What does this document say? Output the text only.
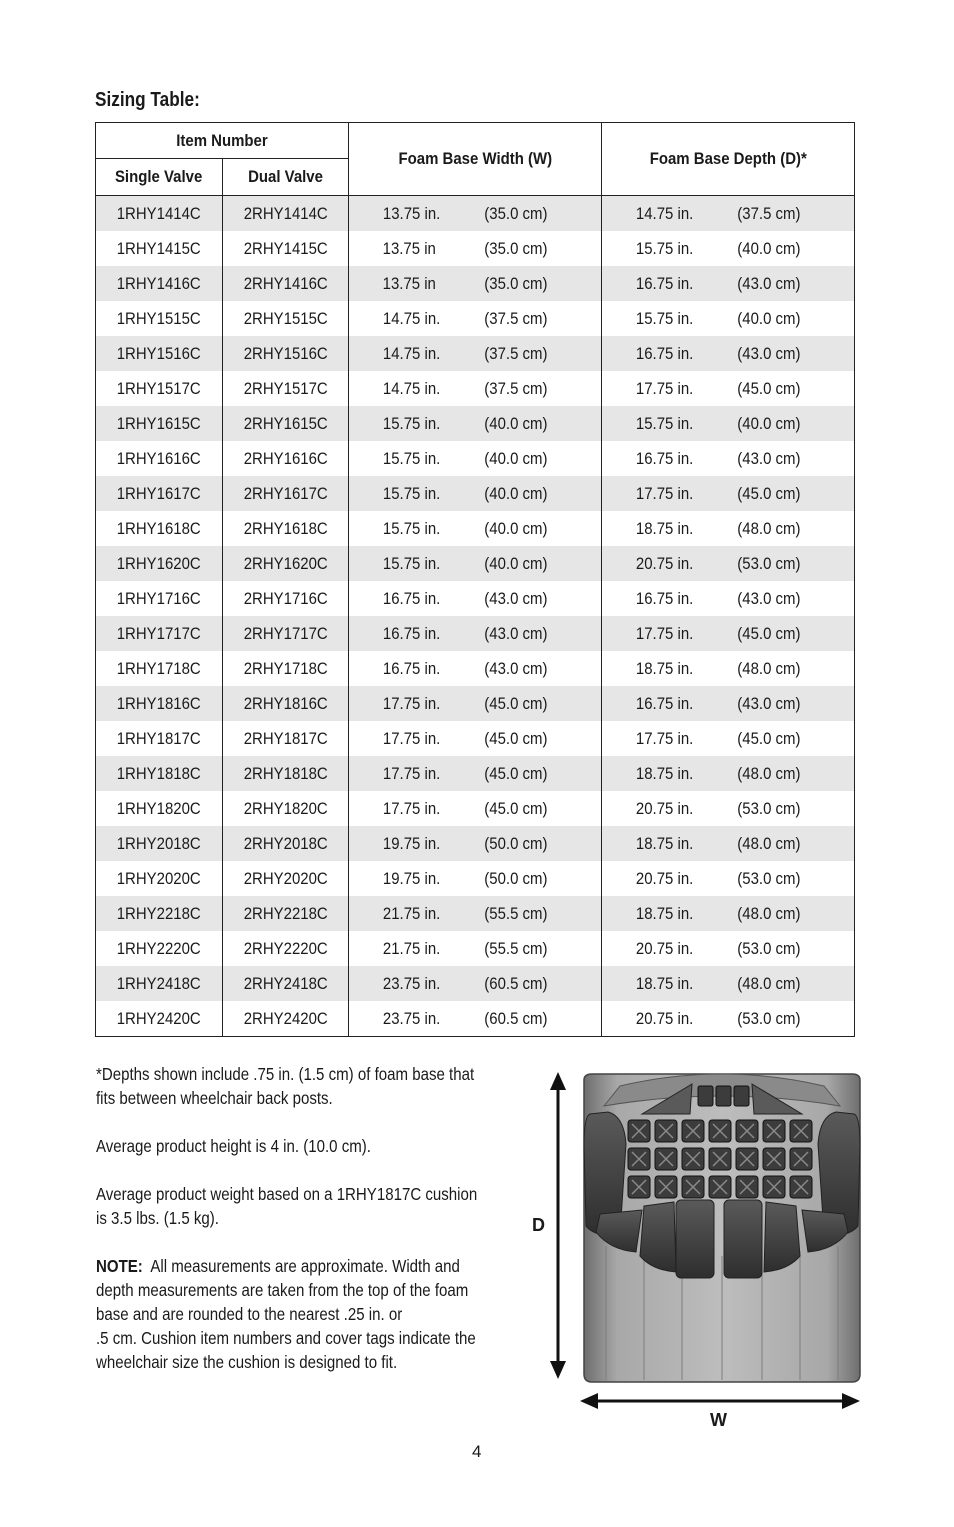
Sizing Table:
Item Number		Foam Base Width (W)		Foam Base Depth (D)*	
Single Valve	Dual Valve				
1RHY1414C	2RHY1414C	13.75 in.	(35.0 cm)	14.75 in.	(37.5 cm)
1RHY1415C	2RHY1415C	13.75 in	(35.0 cm)	15.75 in.	(40.0 cm)
1RHY1416C	2RHY1416C	13.75 in	(35.0 cm)	16.75 in.	(43.0 cm)
1RHY1515C	2RHY1515C	14.75 in.	(37.5 cm)	15.75 in.	(40.0 cm)
1RHY1516C	2RHY1516C	14.75 in.	(37.5 cm)	16.75 in.	(43.0 cm)
1RHY1517C	2RHY1517C	14.75 in.	(37.5 cm)	17.75 in.	(45.0 cm)
1RHY1615C	2RHY1615C	15.75 in.	(40.0 cm)	15.75 in.	(40.0 cm)
1RHY1616C	2RHY1616C	15.75 in.	(40.0 cm)	16.75 in.	(43.0 cm)
1RHY1617C	2RHY1617C	15.75 in.	(40.0 cm)	17.75 in.	(45.0 cm)
1RHY1618C	2RHY1618C	15.75 in.	(40.0 cm)	18.75 in.	(48.0 cm)
1RHY1620C	2RHY1620C	15.75 in.	(40.0 cm)	20.75 in.	(53.0 cm)
1RHY1716C	2RHY1716C	16.75 in.	(43.0 cm)	16.75 in.	(43.0 cm)
1RHY1717C	2RHY1717C	16.75 in.	(43.0 cm)	17.75 in.	(45.0 cm)
1RHY1718C	2RHY1718C	16.75 in.	(43.0 cm)	18.75 in.	(48.0 cm)
1RHY1816C	2RHY1816C	17.75 in.	(45.0 cm)	16.75 in.	(43.0 cm)
1RHY1817C	2RHY1817C	17.75 in.	(45.0 cm)	17.75 in.	(45.0 cm)
1RHY1818C	2RHY1818C	17.75 in.	(45.0 cm)	18.75 in.	(48.0 cm)
1RHY1820C	2RHY1820C	17.75 in.	(45.0 cm)	20.75 in.	(53.0 cm)
1RHY2018C	2RHY2018C	19.75 in.	(50.0 cm)	18.75 in.	(48.0 cm)
1RHY2020C	2RHY2020C	19.75 in.	(50.0 cm)	20.75 in.	(53.0 cm)
1RHY2218C	2RHY2218C	21.75 in.	(55.5 cm)	18.75 in.	(48.0 cm)
1RHY2220C	2RHY2220C	21.75 in.	(55.5 cm)	20.75 in.	(53.0 cm)
1RHY2418C	2RHY2418C	23.75 in.	(60.5 cm)	18.75 in.	(48.0 cm)
1RHY2420C	2RHY2420C	23.75 in.	(60.5 cm)	20.75 in.	(53.0 cm)

*Depths shown include .75 in. (1.5 cm) of foam base that
fits between wheelchair back posts.

Average product height is 4 in. (10.0 cm).

Average product weight based on a 1RHY1817C cushion
is 3.5 lbs. (1.5 kg).

NOTE: All measurements are approximate. Width and
depth measurements are taken from the top of the foam
base and are rounded to the nearest .25 in. or
.5 cm. Cushion item numbers and cover tags indicate the
wheelchair size the cushion is designed to fit.

D
W
4
